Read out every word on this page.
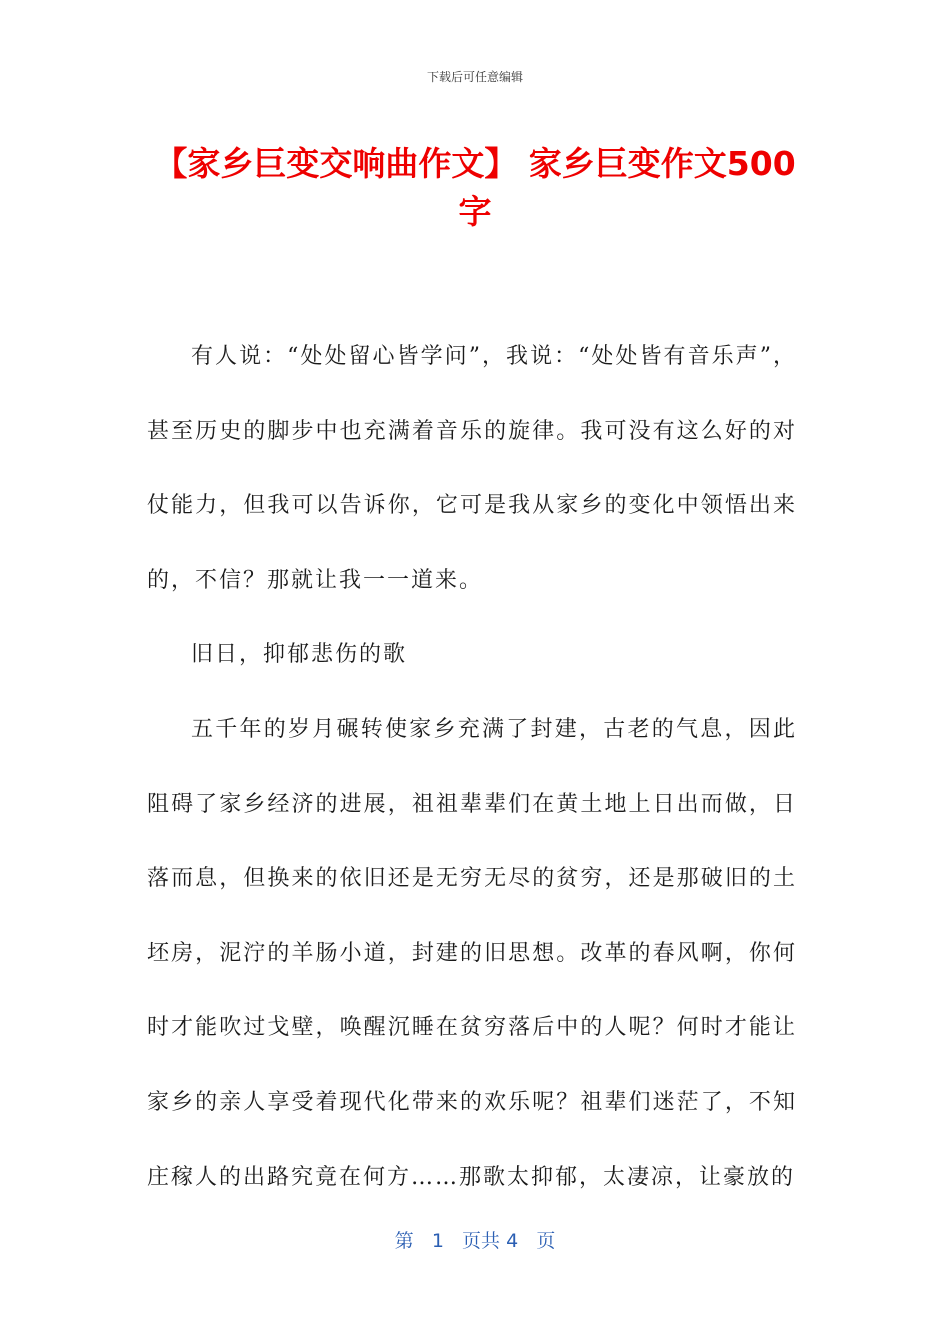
下载后可任意编辑
【家乡巨变交响曲作文】 家乡巨变作文500字

有人说：“处处留心皆学问”，我说：“处处皆有音乐声”，甚至历史的脚步中也充满着音乐的旋律。我可没有这么好的对仗能力，但我可以告诉你，它可是我从家乡的变化中领悟出来的，不信？那就让我一一道来。

旧日，抑郁悲伤的歌

五千年的岁月碾转使家乡充满了封建，古老的气息，因此阻碍了家乡经济的进展，祖祖辈辈们在黄土地上日出而做，日落而息，但换来的依旧还是无穷无尽的贫穷，还是那破旧的土坯房，泥泞的羊肠小道，封建的旧思想。改革的春风啊，你何时才能吹过戈壁，唤醒沉睡在贫穷落后中的人呢？何时才能让家乡的亲人享受着现代化带来的欢乐呢？祖辈们迷茫了，不知庄稼人的出路究竟在何方……那歌太抑郁，太凄凉，让豪放的

第 1 页共 4 页
